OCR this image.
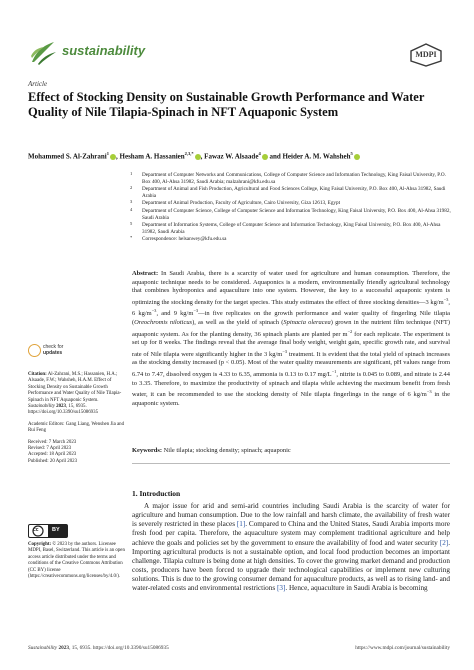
sustainability	MDPI
Article
Effect of Stocking Density on Sustainable Growth Performance and Water Quality of Nile Tilapia-Spinach in NFT Aquaponic System
Mohammed S. Al-Zahrani$^1$ , Hesham A. Hassanien$^{2,3,*}$ , Fawaz W. Alsaade$^4$ and Heider A. M. Wahsheh$^5$
1 Department of Computer Networks and Communications, College of Computer Science and Information Technology, King Faisal University, P.O. Box 400, Al-Ahsa 31982, Saudi Arabia; malzahrani@kfu.edu.sa
2 Department of Animal and Fish Production, Agricultural and Food Sciences College, King Faisal University, P.O. Box 400, Al-Ahsa 31982, Saudi Arabia
3 Department of Animal Production, Faculty of Agriculture, Cairo University, Giza 12613, Egypt
4 Department of Computer Science, College of Computer Science and Information Technology, King Faisal University, P.O. Box 400, Al-Ahsa 31982, Saudi Arabia
5 Department of Information Systems, College of Computer Science and Information Technology, King Faisal University, P.O. Box 400, Al-Ahsa 31982, Saudi Arabia
* Correspondence: helsanwey@kfu.edu.sa
Abstract: In Saudi Arabia, there is a scarcity of water used for agriculture and human consumption. Therefore, the aquaponic technique needs to be considered. Aquaponics is a modern, environmentally friendly agricultural technology that combines hydroponics and aquaculture into one system. However, the key to a successful aquaponic system is optimizing the stocking density for the target species. This study estimates the effect of three stocking densities—3 $kg/m^{-3}$, 6 $kg/m^{-3}$, and 9 $kg/m^{-3}—in$ five replicates on the growth performance and water quality of fingerling Nile tilapia (Oreochromis niloticus), as well as the yield of spinach (Spinacia oleracea) grown in the nutrient film technique (NFT) aquaponic system. As for the planting density, 36 spinach plants are planted per $m^{-2}$ for each replicate. The experiment is set up for 8 weeks. The findings reveal that the average final body weight, weight gain, specific growth rate, and survival rate of Nile tilapia were significantly higher in the 3 $kg/m^{-3}$ treatment. It is evident that the total yield of spinach increases as the stocking density increased (p < 0.05). Most of the water quality measurements are significant, pH values range from 6.74 to 7.47, dissolved oxygen is 4.33 to 6.35, ammonia is 0.13 to 0.17 $mg/L^{-1}$, nitrite is 0.045 to 0.089, and nitrate is 2.44 to 3.35. Therefore, to maximize the productivity of spinach and tilapia while achieving the maximum benefit from fresh water, it can be recommended to use the stocking density of Nile tilapia fingerlings in the range of 6 $kg/m^{-3}$ in the aquaponic system.
Keywords: Nile tilapia; stocking density; spinach; aquaponic
check for
updates

Citation: Al-Zahrani, M.S.; Hassanien, H.A.; Alsaade, F.W.; Wahsheh, H.A.M. Effect of Stocking Density on Sustainable Growth Performance and Water Quality of Nile Tilapia-Spinach in NFT Aquaponic System. Sustainability 2023, 15, 6935. https://doi.org/10.3390/su15086935

Academic Editors: Gang Liang, Wenshen Jia and Rui Feng

Received: 7 March 2023

Revised: 7 April 2023

Accepted: 18 April 2023

Published: 20 April 2023

cc BY
Copyright: © 2023 by the authors. Licensee MDPI, Basel, Switzerland. This article is an open access article distributed under the terms and conditions of the Creative Commons Attribution (CC BY) license (https://creativecommons.org/licenses/by/4.0/).
1. Introduction
A major issue for arid and semi-arid countries including Saudi Arabia is the scarcity of water for agriculture and human consumption. Due to the low rainfall and harsh climate, the availability of fresh water is severely restricted in these places [1]. Compared to China and the United States, Saudi Arabia imports more fresh food per capita. Therefore, the aquaculture system may complement traditional agriculture and help achieve the goals and policies set by the government to ensure the availability of food and water security [2]. Importing agricultural products is not a sustainable option, and local food production becomes an important challenge. Tilapia culture is being done at high densities. To cover the growing market demand and production costs, producers have been forced to upgrade their technological capabilities or implement new culturing solutions. This is due to the growing consumer demand for aquaculture products, as well as to rising land- and water-related costs and environmental restrictions [3]. Hence, aquaculture in Saudi Arabia is becoming
Sustainability 2023, 15, 6935. https://doi.org/10.3390/su15086935	https://www.mdpi.com/journal/sustainability
